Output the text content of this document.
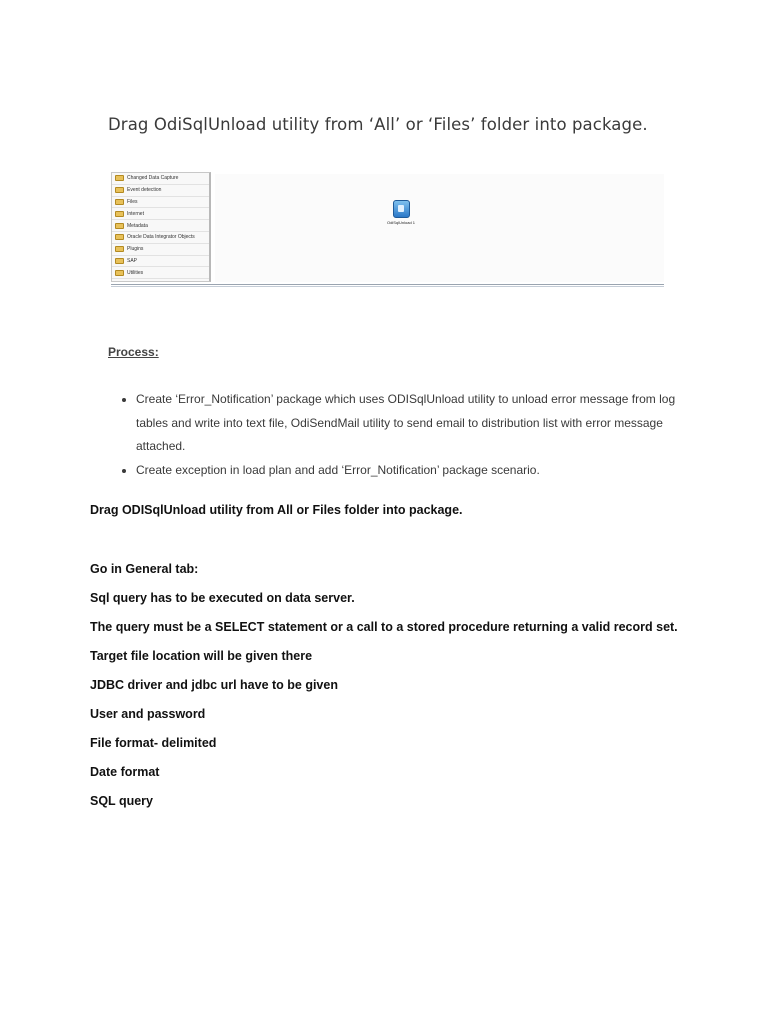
Drag OdiSqlUnload utility from ‘All’ or ‘Files’ folder into package.
Changed Data Capture
Event detection
Files
Internet
Metadata
Oracle Data Integrator Objects
Plugins
SAP
Utilities
OdiSqlUnload 1
Process:
• Create ‘Error_Notification’ package which uses ODISqlUnload utility to unload error message from log tables and write into text file, OdiSendMail utility to send email to distribution list with error message attached.
• Create exception in load plan and add ‘Error_Notification’ package scenario.
Drag ODISqlUnload utility from All or Files folder into package.
Go in General tab:
Sql query has to be executed on data server.
The query must be a SELECT statement or a call to a stored procedure returning a valid record set.
Target file location will be given there
JDBC driver and jdbc url have to be given
User and password
File format- delimited
Date format
SQL query
